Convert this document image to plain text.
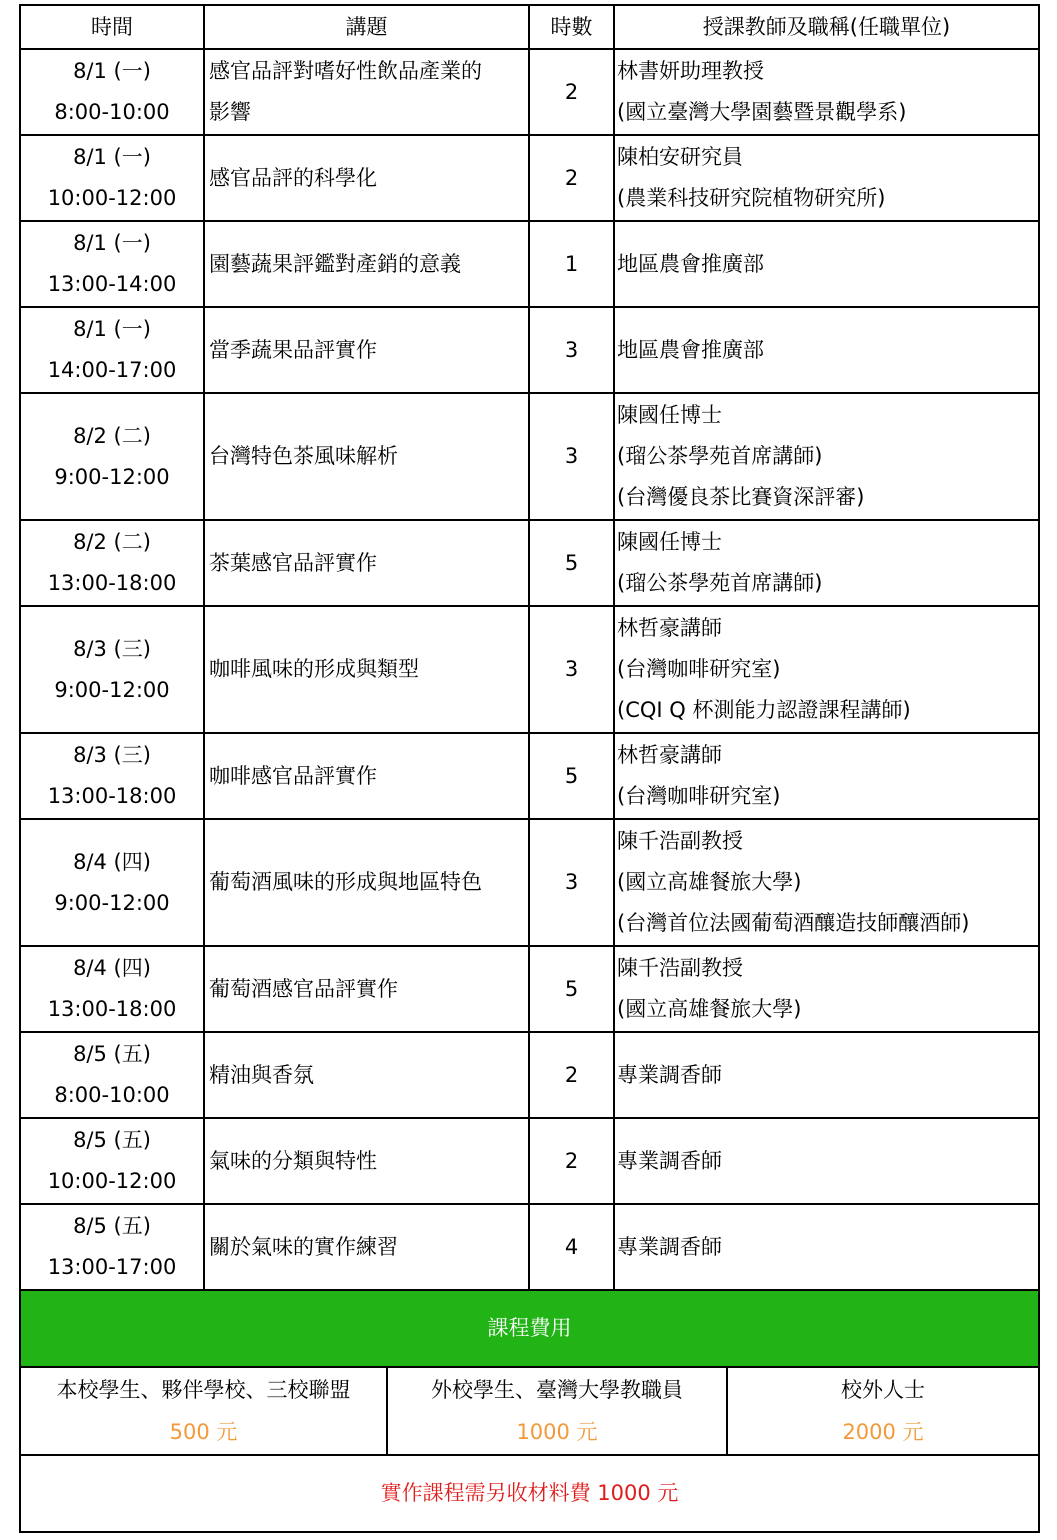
時間	講題	時數	授課教師及職稱(任職單位)

8/1 (一)
8:00-10:00	感官品評對嗜好性飲品產業的
影響	2	林書妍助理教授
(國立臺灣大學園藝暨景觀學系)

8/1 (一)
10:00-12:00	感官品評的科學化	2	陳柏安研究員
(農業科技研究院植物研究所)

8/1 (一)
13:00-14:00	園藝蔬果評鑑對產銷的意義	1	地區農會推廣部

8/1 (一)
14:00-17:00	當季蔬果品評實作	3	地區農會推廣部

8/2 (二)
9:00-12:00	台灣特色茶風味解析	3	陳國任博士
(瑠公茶學苑首席講師)
(台灣優良茶比賽資深評審)

8/2 (二)
13:00-18:00	茶葉感官品評實作	5	陳國任博士
(瑠公茶學苑首席講師)

8/3 (三)
9:00-12:00	咖啡風味的形成與類型	3	林哲豪講師
(台灣咖啡研究室)
(CQI Q 杯測能力認證課程講師)

8/3 (三)
13:00-18:00	咖啡感官品評實作	5	林哲豪講師
(台灣咖啡研究室)

8/4 (四)
9:00-12:00	葡萄酒風味的形成與地區特色	3	陳千浩副教授
(國立高雄餐旅大學)
(台灣首位法國葡萄酒釀造技師釀酒師)

8/4 (四)
13:00-18:00	葡萄酒感官品評實作	5	陳千浩副教授
(國立高雄餐旅大學)

8/5 (五)
8:00-10:00	精油與香氛	2	專業調香師

8/5 (五)
10:00-12:00	氣味的分類與特性	2	專業調香師

8/5 (五)
13:00-17:00	關於氣味的實作練習	4	專業調香師

課程費用			
本校學生、夥伴學校、三校聯盟
500 元

外校學生、臺灣大學教職員
1000 元

校外人士
2000 元

實作課程需另收材料費 1000 元
